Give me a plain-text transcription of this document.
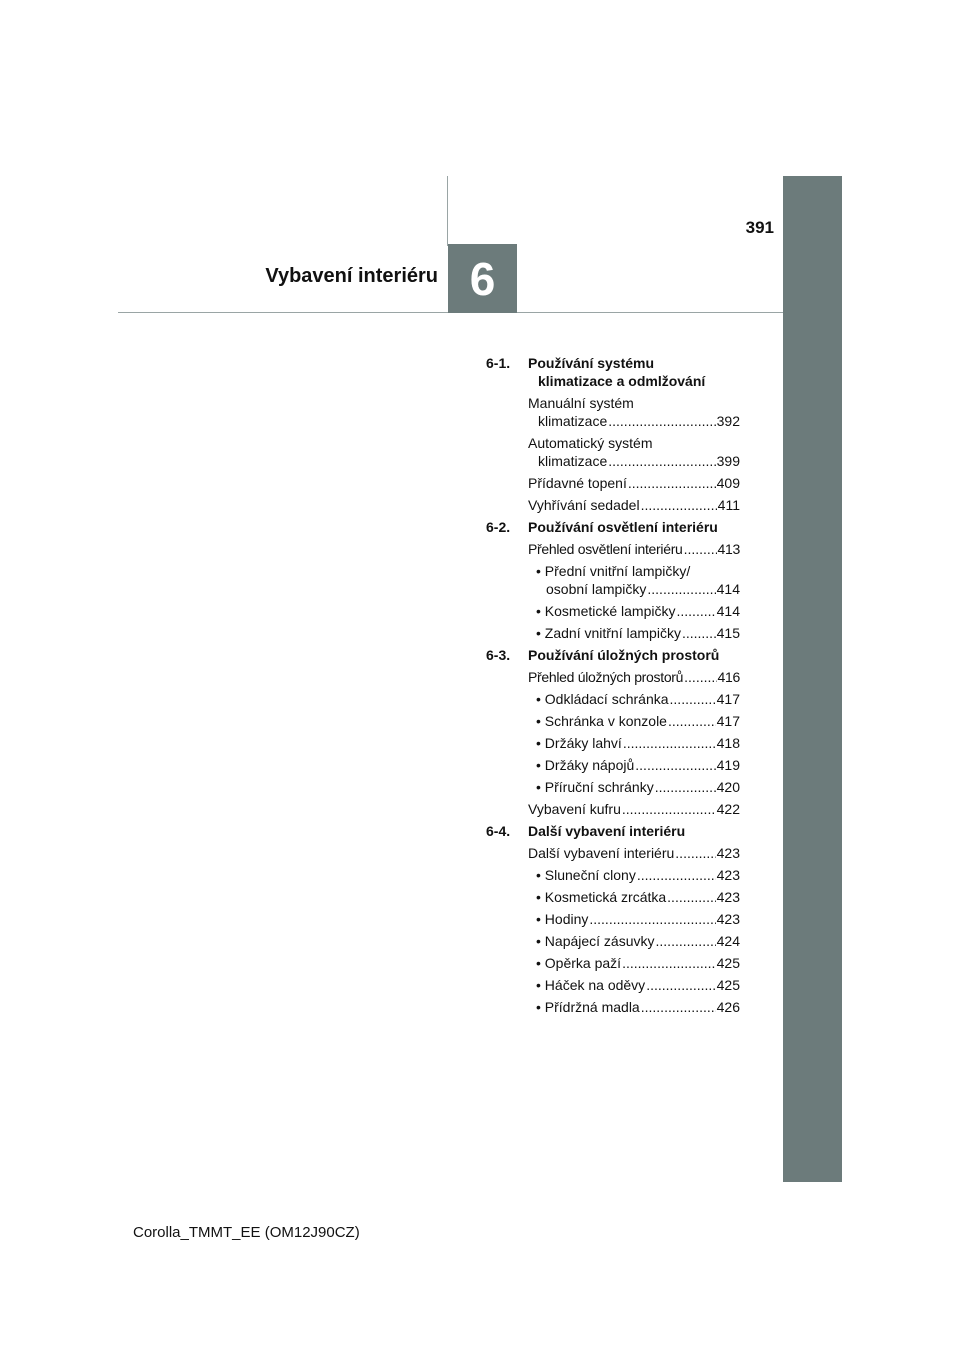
6
Vybavení interiéru
391
6-1.	Používání systému
klimatizace a odmlžování
Manuální systém
klimatizace .....	392
Automatický systém
klimatizace .....	399
Přídavné topení .....	409
Vyhřívání sedadel .....	411
6-2.	Používání osvětlení interiéru
Přehled osvětlení interiéru ..... 413
• Přední vnitřní lampičky/
osobní lampičky .....	414
• Kosmetické lampičky .....	414
• Zadní vnitřní lampičky .....	415
6-3.	Používání úložných prostorů
Přehled úložných prostorů ..... 416
• Odkládací schránka .....	417
• Schránka v konzole .....	417
• Držáky lahví .....	418
• Držáky nápojů .....	419
• Příruční schránky .....	420
Vybavení kufru .....	422
6-4.	Další vybavení interiéru
Další vybavení interiéru .....	423
• Sluneční clony .....	423
• Kosmetická zrcátka .....	423
• Hodiny .....	423
• Napájecí zásuvky .....	424
• Opěrka paží .....	425
• Háček na oděvy .....	425
• Přídržná madla .....	426
Corolla_TMMT_EE (OM12J90CZ)
